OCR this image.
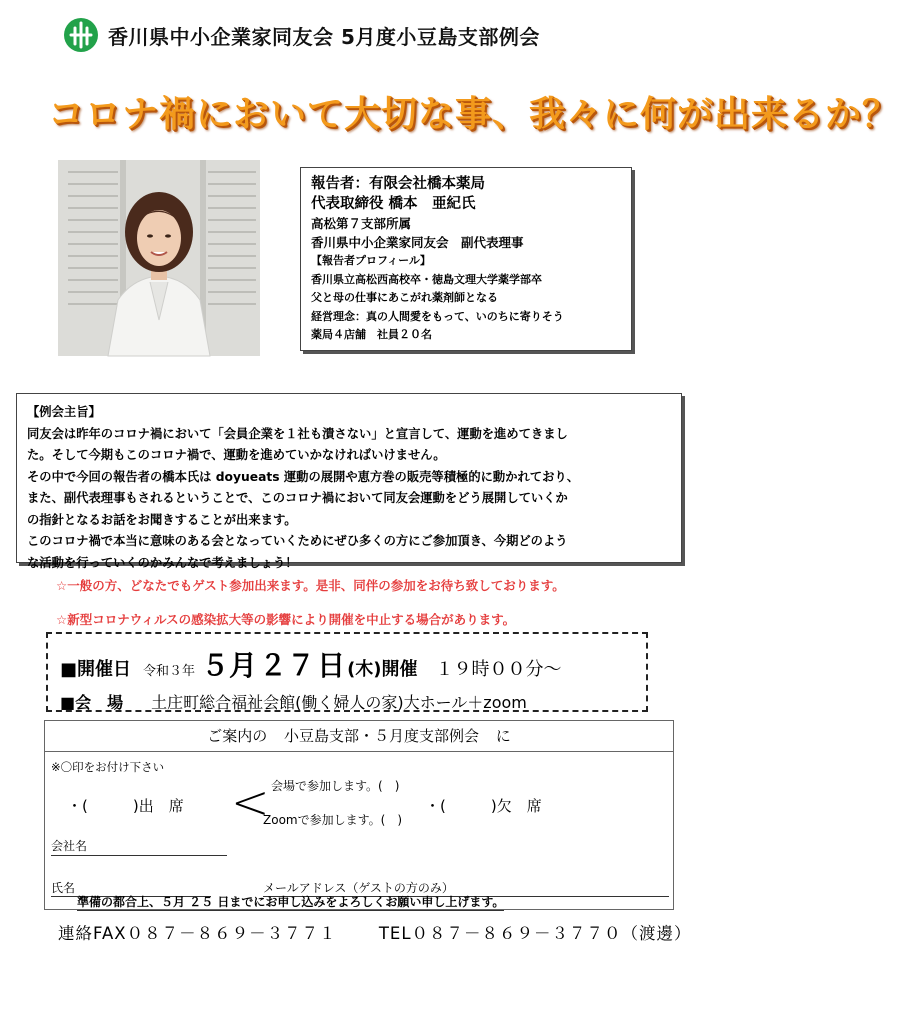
香川県中小企業家同友会 5月度小豆島支部例会
コロナ禍において大切な事、我々に何が出来るか？
報告者：有限会社橋本薬局
代表取締役 橋本　亜紀氏
高松第７支部所属
香川県中小企業家同友会　副代表理事
【報告者プロフィール】
香川県立高松西高校卒・徳島文理大学薬学部卒
父と母の仕事にあこがれ薬剤師となる
経営理念：真の人間愛をもって、いのちに寄りそう
薬局４店舗　社員２０名

【例会主旨】

同友会は昨年のコロナ禍において「会員企業を１社も潰さない」と宣言して、運動を進めてきまし

た。そして今期もこのコロナ禍で、運動を進めていかなければいけません。

その中で今回の報告者の橋本氏は doyueats 運動の展開や恵方巻の販売等積極的に動かれており、

また、副代表理事もされるということで、このコロナ禍において同友会運動をどう展開していくか

の指針となるお話をお聞きすることが出来ます。

このコロナ禍で本当に意味のある会となっていくためにぜひ多くの方にご参加頂き、今期どのよう

な活動を行っていくのかみんなで考えましょう！

☆一般の方、どなたでもゲスト参加出来ます。是非、同伴の参加をお待ち致しております。
☆新型コロナウィルスの感染拡大等の影響により開催を中止する場合があります。
■開催日 令和３年 ５月 ２７ 日 (木) 開催 １９時００分～
■会　場 土庄町総合福祉会館(働く婦人の家)大ホール＋zoom
ご案内の 小豆島支部・５月度支部例会 に
※〇印をお付け下さい
・(　　　)出　席 < 会場で参加します。(　)
Zoomで参加します。(　)
・(　　　)欠　席
会社名
氏名	メールアドレス（ゲストの方のみ）
準備の都合上、５月 ２５ 日までにお申し込みをよろしくお願い申し上げます。
連絡FAX０８７－８６９－３７７１	TEL０８７－８６９－３７７０（渡邊）
